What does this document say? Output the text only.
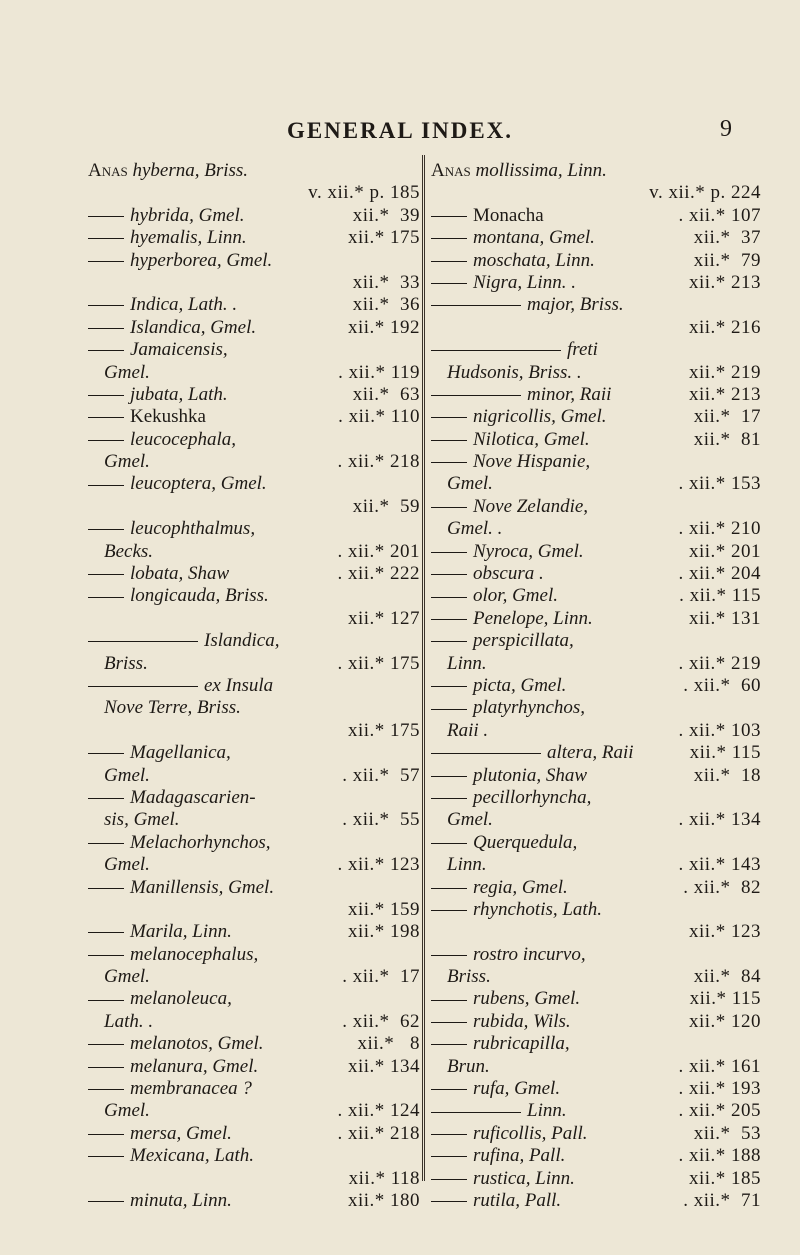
GENERAL INDEX.	9
Anas hyberna, Briss.
v. xii.* p. 185
hybrida, Gmel.	xii.*  39
hyemalis, Linn.	xii.* 175
hyperborea, Gmel.
xii.*  33
Indica, Lath. .	xii.*  36
Islandica, Gmel.	xii.* 192
Jamaicensis,
Gmel.	. xii.* 119
jubata, Lath.	xii.*  63
Kekushka	. xii.* 110
leucocephala,
Gmel.	. xii.* 218
leucoptera, Gmel.
xii.*  59
leucophthalmus,
Becks.	. xii.* 201
lobata, Shaw	. xii.* 222
longicauda, Briss.
xii.* 127
Islandica,
Briss.	. xii.* 175
ex Insula
Nove Terre, Briss.
xii.* 175
Magellanica,
Gmel.	. xii.*  57
Madagascarien-
sis, Gmel.	. xii.*  55
Melachorhynchos,
Gmel.	. xii.* 123
Manillensis, Gmel.
xii.* 159
Marila, Linn.	xii.* 198
melanocephalus,
Gmel.	. xii.*  17
melanoleuca,
Lath. .	. xii.*  62
melanotos, Gmel.	xii.*   8
melanura, Gmel.	xii.* 134
membranacea ?
Gmel.	. xii.* 124
mersa, Gmel.	. xii.* 218
Mexicana, Lath.
xii.* 118
minuta, Linn.	xii.* 180
Anas mollissima, Linn.
v. xii.* p. 224
Monacha	. xii.* 107
montana, Gmel.	xii.*  37
moschata, Linn.	xii.*  79
Nigra, Linn. .	xii.* 213
major, Briss.
xii.* 216
freti
Hudsonis, Briss. .	xii.* 219
minor, Raii	xii.* 213
nigricollis, Gmel.	xii.*  17
Nilotica, Gmel.	xii.*  81
Nove Hispanie,
Gmel.	. xii.* 153
Nove Zelandie,
Gmel. .	. xii.* 210
Nyroca, Gmel.	xii.* 201
obscura .	. xii.* 204
olor, Gmel.	. xii.* 115
Penelope, Linn.	xii.* 131
perspicillata,
Linn.	. xii.* 219
picta, Gmel.	. xii.*  60
platyrhynchos,
Raii .	. xii.* 103
altera, Raii	xii.* 115
plutonia, Shaw	xii.*  18
pecillorhyncha,
Gmel.	. xii.* 134
Querquedula,
Linn.	. xii.* 143
regia, Gmel.	. xii.*  82
rhynchotis, Lath.
xii.* 123
rostro incurvo,
Briss.	xii.*  84
rubens, Gmel.	xii.* 115
rubida, Wils.	xii.* 120
rubricapilla,
Brun.	. xii.* 161
rufa, Gmel.	. xii.* 193
Linn.	. xii.* 205
ruficollis, Pall.	xii.*  53
rufina, Pall.	. xii.* 188
rustica, Linn.	xii.* 185
rutila, Pall.	. xii.*  71
